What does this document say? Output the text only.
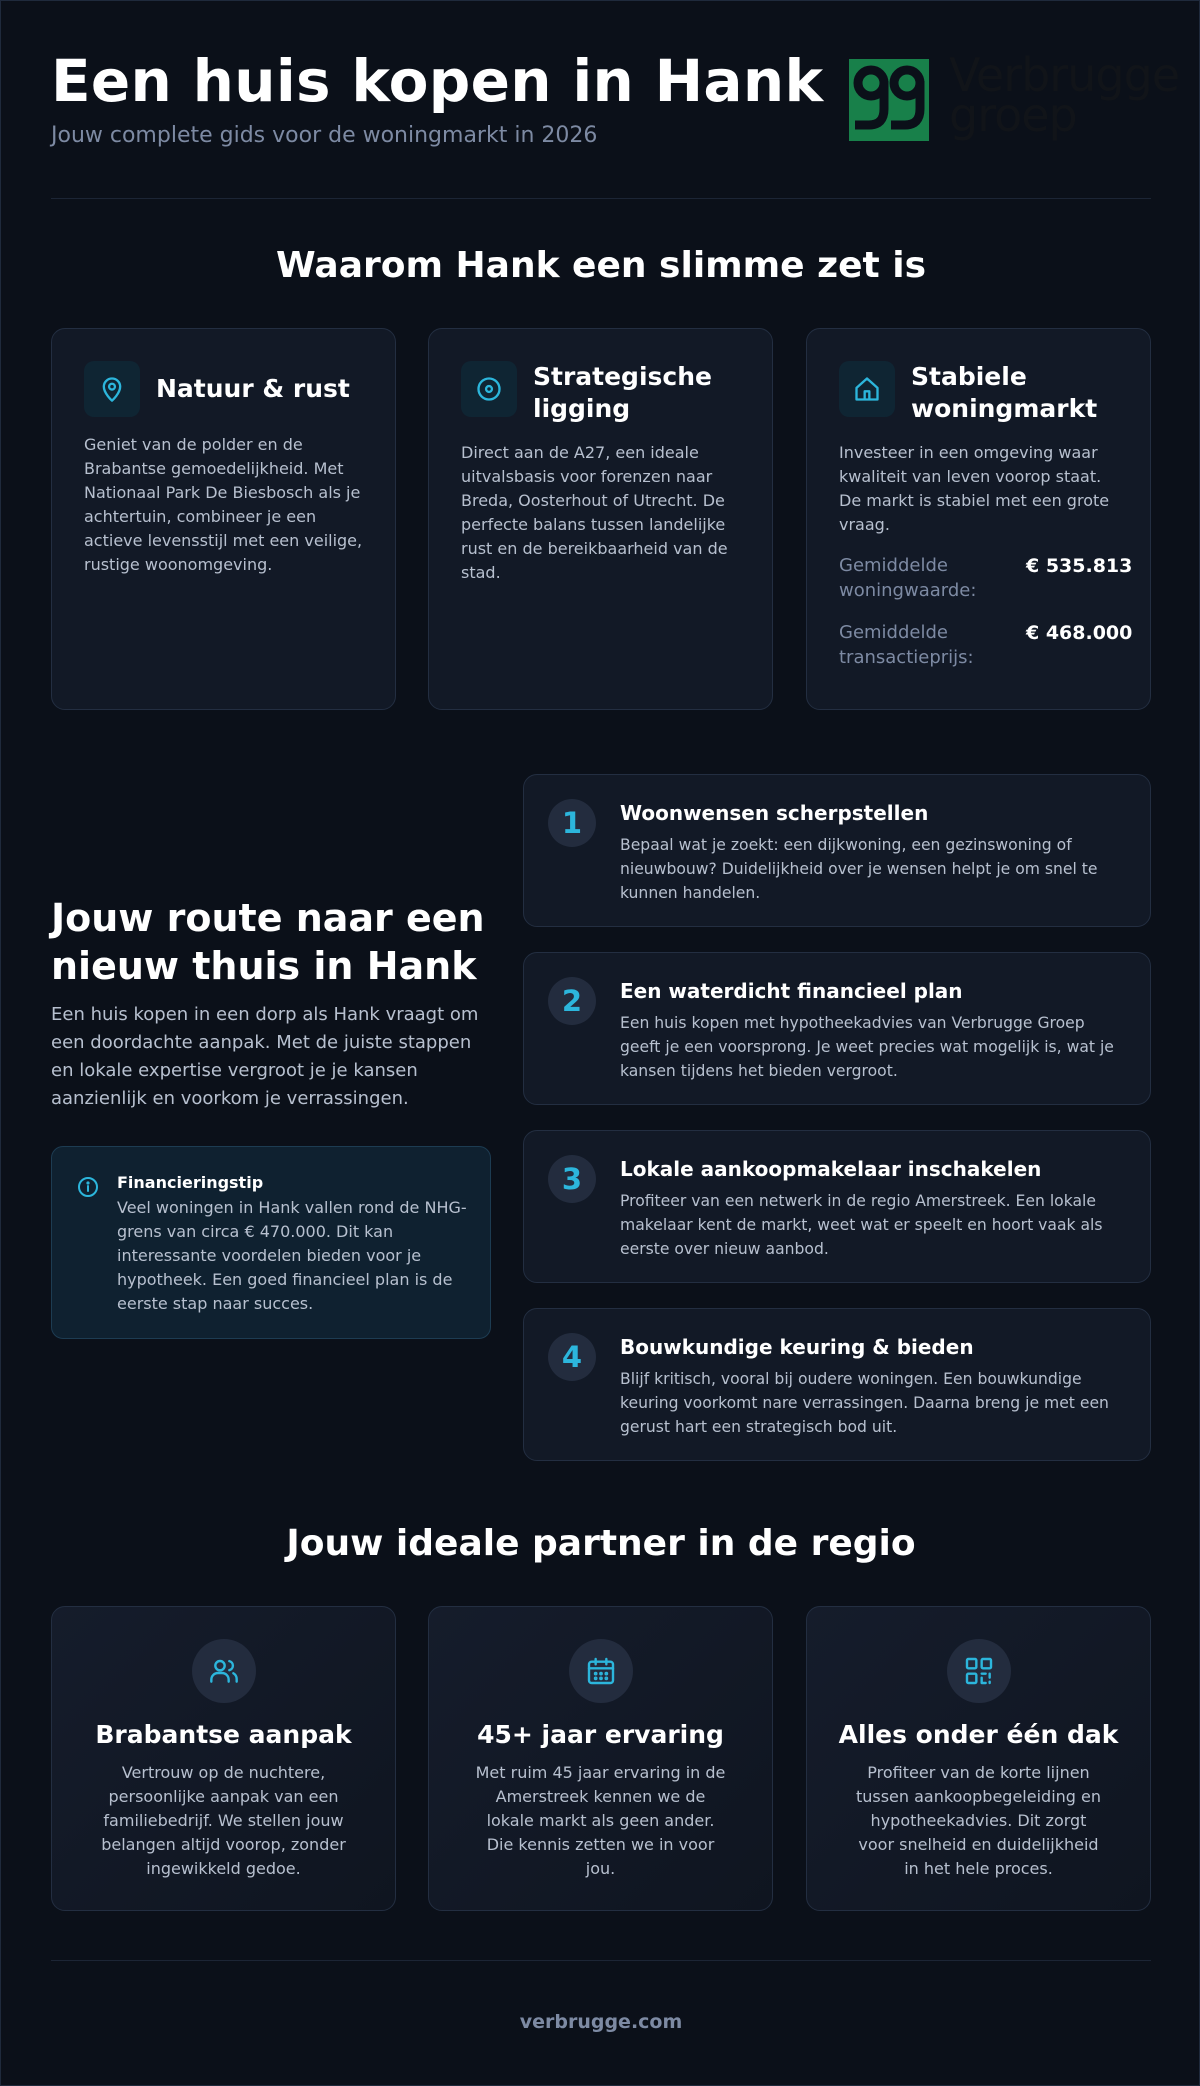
Een huis kopen in Hank
Jouw complete gids voor de woningmarkt in 2026
Verbrugge
groep
Waarom Hank een slimme zet is
Natuur & rust
Geniet van de polder en de Brabantse gemoedelijkheid. Met Nationaal Park De Biesbosch als je achtertuin, combineer je een actieve levensstijl met een veilige, rustige woonomgeving.
Strategische ligging
Direct aan de A27, een ideale uitvalsbasis voor forenzen naar Breda, Oosterhout of Utrecht. De perfecte balans tussen landelijke rust en de bereikbaarheid van de stad.
Stabiele woningmarkt
Investeer in een omgeving waar kwaliteit van leven voorop staat. De markt is stabiel met een grote vraag.
Gemiddelde woningwaarde:
€ 535.813
Gemiddelde transactieprijs:
€ 468.000
Jouw route naar een nieuw thuis in Hank
Een huis kopen in een dorp als Hank vraagt om een doordachte aanpak. Met de juiste stappen en lokale expertise vergroot je je kansen aanzienlijk en voorkom je verrassingen.
Financieringstip
Veel woningen in Hank vallen rond de NHG-grens van circa € 470.000. Dit kan interessante voordelen bieden voor je hypotheek. Een goed financieel plan is de eerste stap naar succes.
1	Woonwensen scherpstellen
Bepaal wat je zoekt: een dijkwoning, een gezinswoning of nieuwbouw? Duidelijkheid over je wensen helpt je om snel te kunnen handelen.
2	Een waterdicht financieel plan
Een huis kopen met hypotheekadvies van Verbrugge Groep geeft je een voorsprong. Je weet precies wat mogelijk is, wat je kansen tijdens het bieden vergroot.
3	Lokale aankoopmakelaar inschakelen
Profiteer van een netwerk in de regio Amerstreek. Een lokale makelaar kent de markt, weet wat er speelt en hoort vaak als eerste over nieuw aanbod.
4	Bouwkundige keuring & bieden
Blijf kritisch, vooral bij oudere woningen. Een bouwkundige keuring voorkomt nare verrassingen. Daarna breng je met een gerust hart een strategisch bod uit.
Jouw ideale partner in de regio
Brabantse aanpak
Vertrouw op de nuchtere, persoonlijke aanpak van een familiebedrijf. We stellen jouw belangen altijd voorop, zonder ingewikkeld gedoe.
45+ jaar ervaring
Met ruim 45 jaar ervaring in de Amerstreek kennen we de lokale markt als geen ander. Die kennis zetten we in voor jou.
Alles onder één dak
Profiteer van de korte lijnen tussen aankoopbegeleiding en hypotheekadvies. Dit zorgt voor snelheid en duidelijkheid in het hele proces.
verbrugge.com
